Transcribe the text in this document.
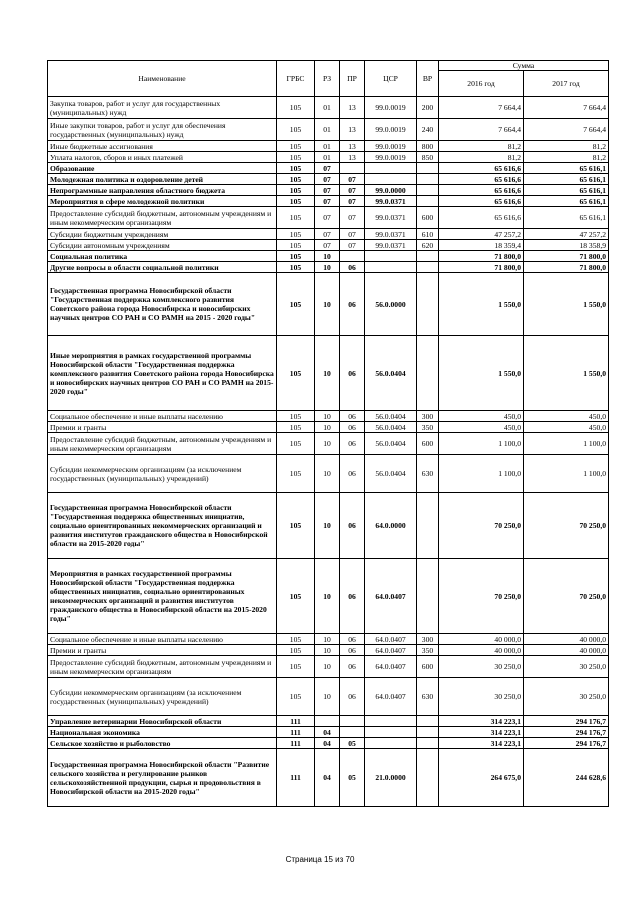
Наименование	ГРБС	РЗ	ПР	ЦСР	ВР	Сумма	
						2016 год	2017 год
Закупка товаров, работ и услуг для государственных (муниципальных) нужд	105	01	13	99.0.0019	200	7 664,4	7 664,4
Иные закупки товаров, работ и услуг для обеспечения государственных (муниципальных) нужд	105	01	13	99.0.0019	240	7 664,4	7 664,4
Иные бюджетные ассигнования	105	01	13	99.0.0019	800	81,2	81,2
Уплата налогов, сборов и иных платежей	105	01	13	99.0.0019	850	81,2	81,2
Образование	105	07				65 616,6	65 616,1
Молодежная политика и оздоровление детей	105	07	07			65 616,6	65 616,1
Непрограммные направления областного бюджета	105	07	07	99.0.0000		65 616,6	65 616,1
Мероприятия в сфере молодежной политики	105	07	07	99.0.0371		65 616,6	65 616,1
Предоставление субсидий бюджетным, автономным учреждениям и иным некоммерческим организациям	105	07	07	99.0.0371	600	65 616,6	65 616,1
Субсидии бюджетным учреждениям	105	07	07	99.0.0371	610	47 257,2	47 257,2
Субсидии автономным учреждениям	105	07	07	99.0.0371	620	18 359,4	18 358,9
Социальная политика	105	10				71 800,0	71 800,0
Другие вопросы в области социальной политики	105	10	06			71 800,0	71 800,0
Государственная программа Новосибирской области "Государственная поддержка комплексного развития Советского района города Новосибирска и новосибирских научных центров СО РАН и СО РАМН на 2015 - 2020 годы"	105	10	06	56.0.0000		1 550,0	1 550,0
Иные мероприятия в рамках государственной программы Новосибирской области "Государственная поддержка комплексного развития Советского района города Новосибирска и новосибирских научных центров СО РАН и СО РАМН на 2015- 2020 годы"	105	10	06	56.0.0404		1 550,0	1 550,0
Социальное обеспечение и иные выплаты населению	105	10	06	56.0.0404	300	450,0	450,0
Премии и гранты	105	10	06	56.0.0404	350	450,0	450,0
Предоставление субсидий бюджетным, автономным учреждениям и иным некоммерческим организациям	105	10	06	56.0.0404	600	1 100,0	1 100,0
Субсидии некоммерческим организациям (за исключением государственных (муниципальных) учреждений)	105	10	06	56.0.0404	630	1 100,0	1 100,0
Государственная программа Новосибирской области "Государственная поддержка общественных инициатив, социально ориентированных некоммерческих организаций и развития институтов гражданского общества в Новосибирской области на 2015-2020 годы"	105	10	06	64.0.0000		70 250,0	70 250,0
Мероприятия в рамках государственной программы Новосибирской области "Государственная поддержка общественных инициатив, социально ориентированных некоммерческих организаций и развития институтов гражданского общества в Новосибирской области на 2015-2020 годы"	105	10	06	64.0.0407		70 250,0	70 250,0
Социальное обеспечение и иные выплаты населению	105	10	06	64.0.0407	300	40 000,0	40 000,0
Премии и гранты	105	10	06	64.0.0407	350	40 000,0	40 000,0
Предоставление субсидий бюджетным, автономным учреждениям и иным некоммерческим организациям	105	10	06	64.0.0407	600	30 250,0	30 250,0
Субсидии некоммерческим организациям (за исключением государственных (муниципальных) учреждений)	105	10	06	64.0.0407	630	30 250,0	30 250,0
Управление ветеринарии Новосибирской области	111					314 223,1	294 176,7
Национальная экономика	111	04				314 223,1	294 176,7
Сельское хозяйство и рыболовство	111	04	05			314 223,1	294 176,7
Государственная программа Новосибирской области "Развитие сельского хозяйства и регулирование рынков сельскохозяйственной продукции, сырья и продовольствия в Новосибирской области на 2015-2020 годы"	111	04	05	21.0.0000		264 675,0	244 628,6
Страница 15 из 70
